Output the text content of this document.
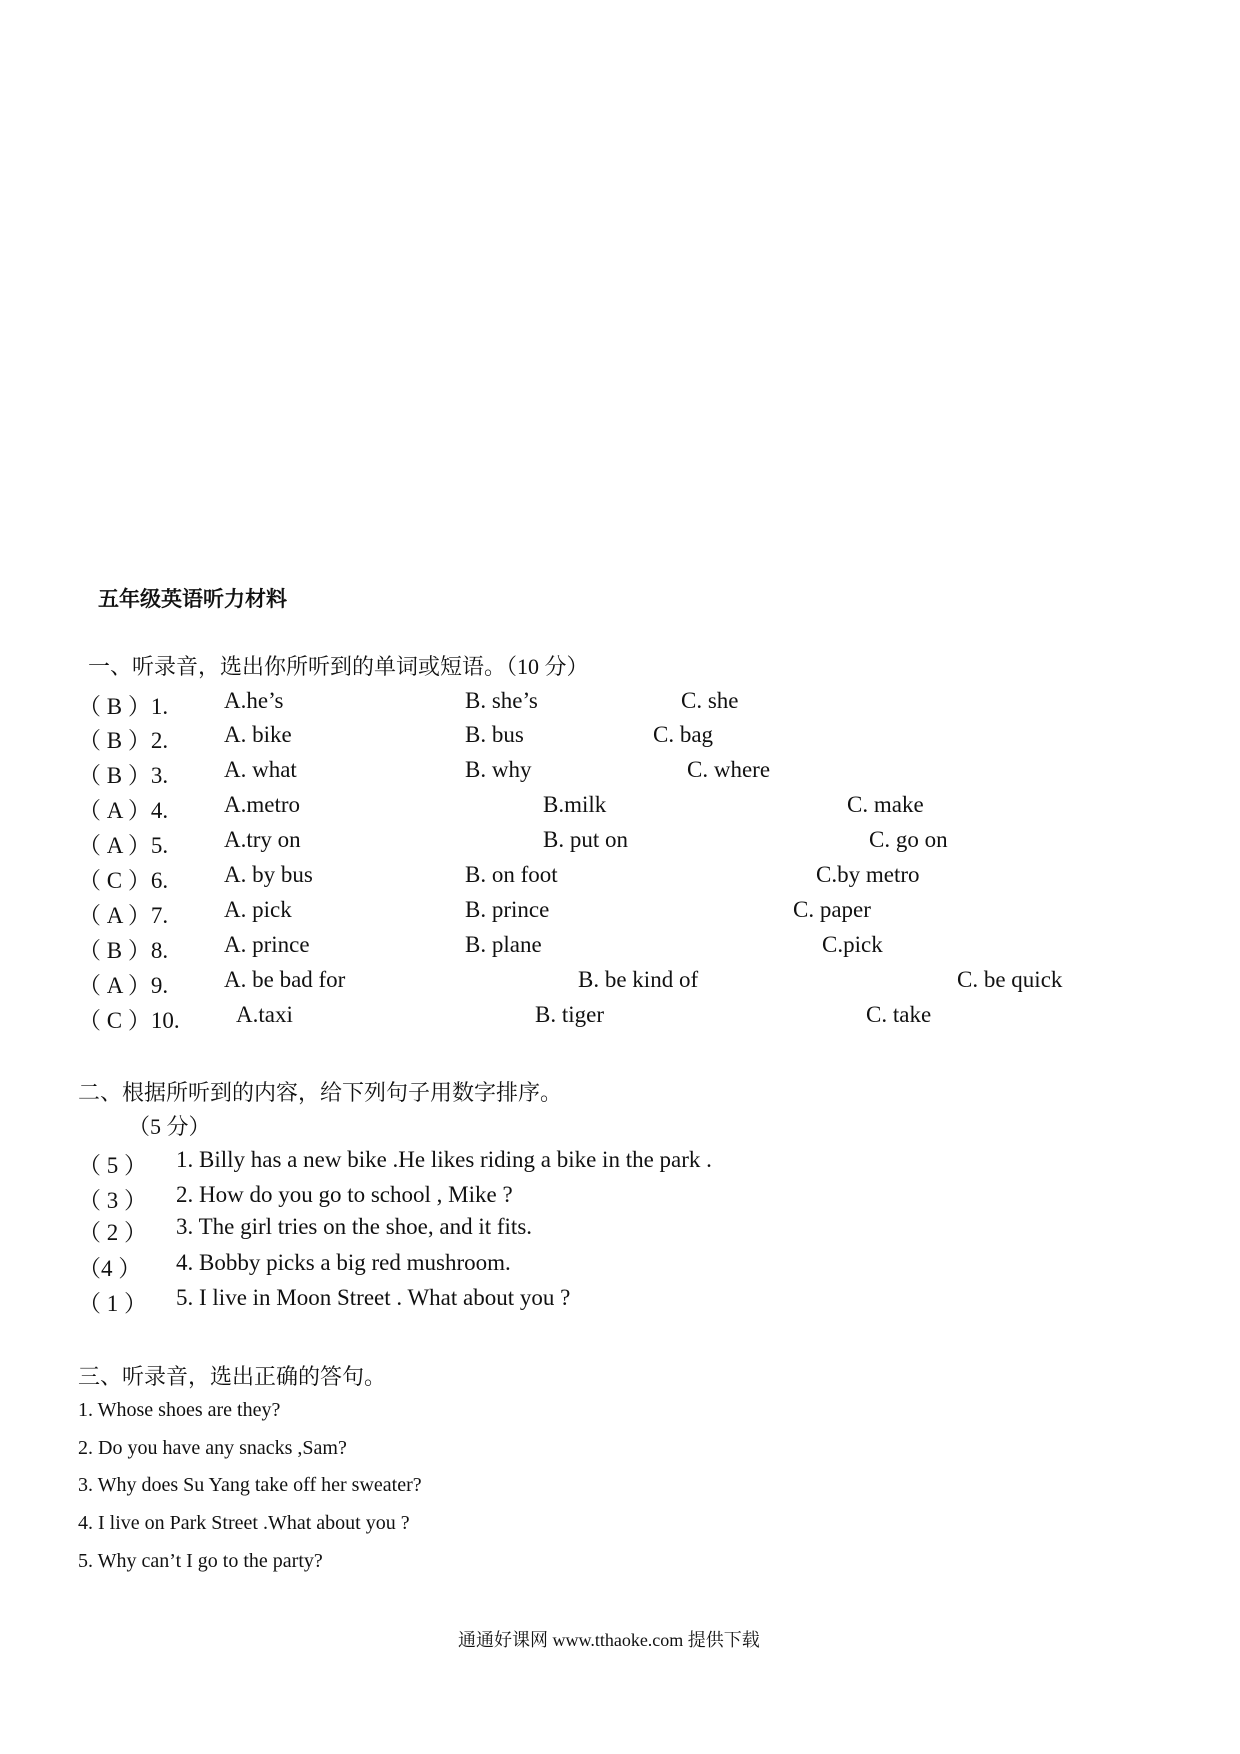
五年级英语听力材料
一、听录音，选出你所听到的单词或短语。（10 分）
（ B ）1. A.he’s	B. she’s	C. she
（ B ）2. A. bike	B. bus	C. bag
（ B ）3. A. what	B. why	C. where
（ A ）4. A.metro	B.milk	C. make
（ A ）5. A.try on	B. put on	C. go on
（ C ）6. A. by bus	B. on foot	C.by metro
（ A ）7. A. pick	B. prince	C. paper
（ B ）8. A. prince	B. plane	C.pick
（ A ）9. A. be bad for	B. be kind of	C. be quick
（ C ）10. A.taxi	B. tiger	C. take
二、根据所听到的内容，给下列句子用数字排序。
（5 分）
（ 5 ） 1. Billy has a new bike .He likes riding a bike in the park .
（ 3 ） 2. How do you go to school , Mike ?
（ 2 ） 3. The girl tries on the shoe, and it fits.
（4 ） 4. Bobby picks a big red mushroom.
（ 1 ） 5. I live in Moon Street . What about you ?
三、听录音，选出正确的答句。
1. Whose shoes are they?
2. Do you have any snacks ,Sam?
3. Why does Su Yang take off her sweater?
4. I live on Park Street .What about you ?
5. Why can’t I go to the party?
通通好课网 www.tthaoke.com 提供下载
